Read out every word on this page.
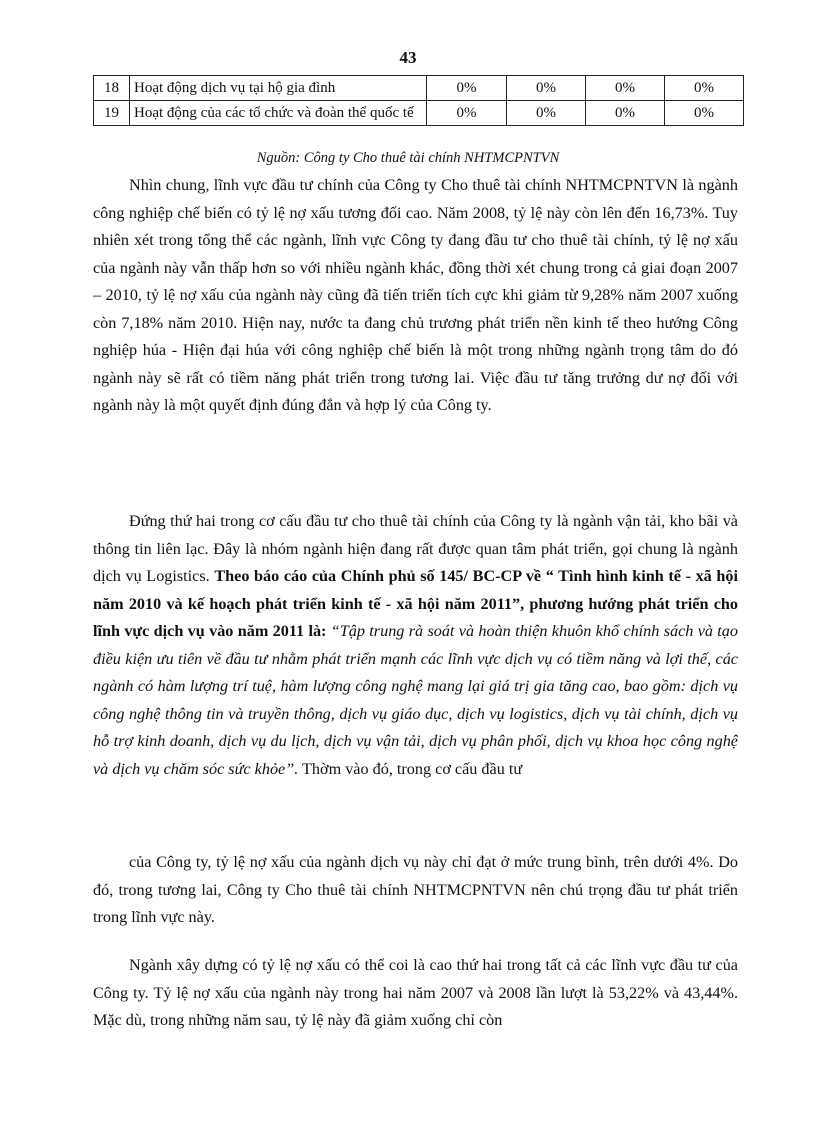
43
18	Hoạt động dịch vụ tại hộ gia đình	0%	0%	0%	0%
19	Hoạt động của các tổ chức và đoàn thể quốc tế	0%	0%	0%	0%
Nguồn: Công ty Cho thuê tài chính NHTMCPNTVN

Nhìn chung, lĩnh vực đầu tư chính của Công ty Cho thuê tài chính NHTMCPNTVN là ngành công nghiệp chế biến có tỷ lệ nợ xấu tương đối cao. Năm 2008, tỷ lệ này còn lên đến 16,73%. Tuy nhiên xét trong tổng thể các ngành, lĩnh vực Công ty đang đầu tư cho thuê tài chính, tỷ lệ nợ xấu của ngành này vẫn thấp hơn so với nhiều ngành khác, đồng thời xét chung trong cả giai đoạn 2007 – 2010, tỷ lệ nợ xấu của ngành này cũng đã tiến triển tích cực khi giảm từ 9,28% năm 2007 xuống còn 7,18% năm 2010. Hiện nay, nước ta đang chủ trương phát triển nền kinh tế theo hướng Công nghiệp húa - Hiện đại húa với công nghiệp chế biến là một trong những ngành trọng tâm do đó ngành này sẽ rất có tiềm năng phát triển trong tương lai. Việc đầu tư tăng trưởng dư nợ đối với ngành này là một quyết định đúng đắn và hợp lý của Công ty.

Đứng thứ hai trong cơ cấu đầu tư cho thuê tài chính của Công ty là ngành vận tải, kho bãi và thông tin liên lạc. Đây là nhóm ngành hiện đang rất được quan tâm phát triển, gọi chung là ngành dịch vụ Logistics. Theo báo cáo của Chính phủ số 145/ BC-CP về “ Tình hình kinh tế - xã hội năm 2010 và kế hoạch phát triển kinh tế - xã hội năm 2011”, phương hướng phát triển cho lĩnh vực dịch vụ vào năm 2011 là: “Tập trung rà soát và hoàn thiện khuôn khổ chính sách và tạo điều kiện ưu tiên về đầu tư nhằm phát triển mạnh các lĩnh vực dịch vụ có tiềm năng và lợi thế, các ngành có hàm lượng trí tuệ, hàm lượng công nghệ mang lại giá trị gia tăng cao, bao gồm: dịch vụ công nghệ thông tin và truyền thông, dịch vụ giáo dục, dịch vụ logistics, dịch vụ tài chính, dịch vụ hỗ trợ kinh doanh, dịch vụ du lịch, dịch vụ vận tải, dịch vụ phân phối, dịch vụ khoa học công nghệ và dịch vụ chăm sóc sức khỏe”. Thờm vào đó, trong cơ cấu đầu tư

của Công ty, tỷ lệ nợ xấu của ngành dịch vụ này chỉ đạt ở mức trung bình, trên dưới 4%. Do đó, trong tương lai, Công ty Cho thuê tài chính NHTMCPNTVN nên chú trọng đầu tư phát triển trong lĩnh vực này.

Ngành xây dựng có tỷ lệ nợ xấu có thể coi là cao thứ hai trong tất cả các lĩnh vực đầu tư của Công ty. Tỷ lệ nợ xấu của ngành này trong hai năm 2007 và 2008 lần lượt là 53,22% và 43,44%. Mặc dù, trong những năm sau, tỷ lệ này đã giảm xuống chỉ còn
